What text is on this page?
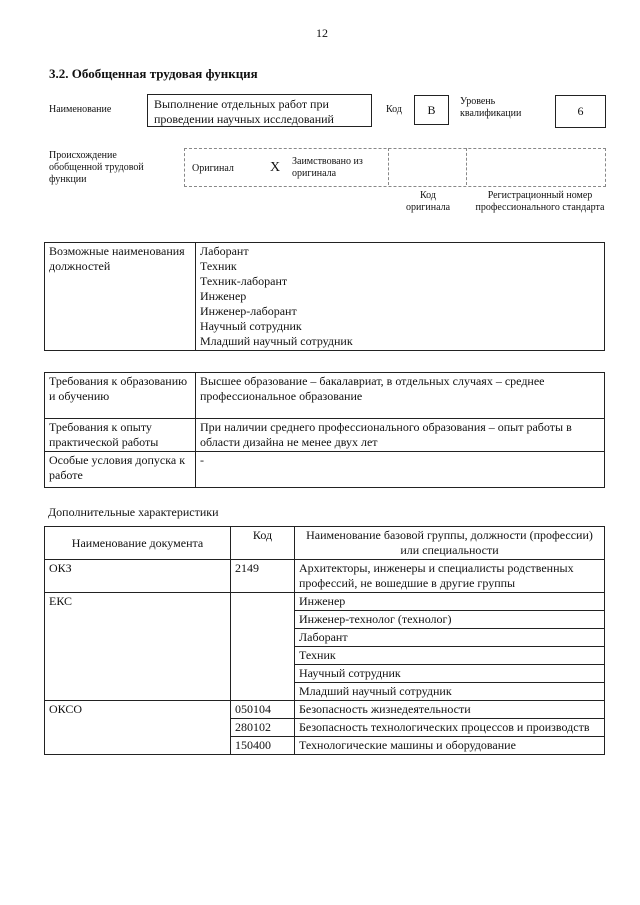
12
3.2. Обобщенная трудовая функция
Наименование	Выполнение отдельных работ при проведении научных исследований
Код	B
Уровень квалификации	6
Происхождение обобщенной трудовой функции
Оригинал	X Заимствовано из оригинала
Код оригинала
Регистрационный номер профессионального стандарта
Возможные наименования должностей	
Лаборант
Техник
Техник-лаборант
Инженер
Инженер-лаборант
Научный сотрудник
Младший научный сотрудник
Требования к образованию и обучению	Высшее образование – бакалавриат, в отдельных случаях – среднее профессиональное образование
Требования к опыту практической работы	При наличии среднего профессионального образования – опыт работы в области дизайна не менее двух лет
Особые условия допуска к работе	-
Дополнительные характеристики
Наименование документа	Код	Наименование базовой группы, должности (профессии) или специальности
ОКЗ	2149	Архитекторы, инженеры и специалисты родственных профессий, не вошедшие в другие группы
ЕКС		Инженер
		Инженер-технолог (технолог)
		Лаборант
		Техник
		Научный сотрудник
		Младший научный сотрудник
ОКСО	050104	Безопасность жизнедеятельности
	280102	Безопасность технологических процессов и производств
	150400	Технологические машины и оборудование
